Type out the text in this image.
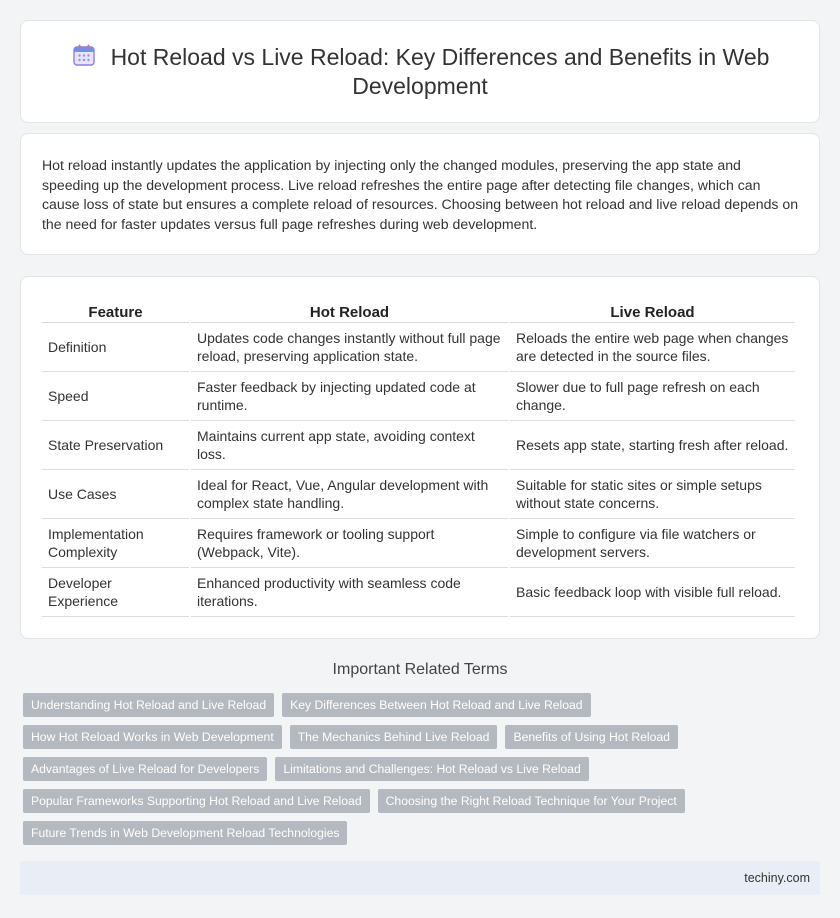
Hot Reload vs Live Reload: Key Differences and Benefits in Web Development

Hot reload instantly updates the application by injecting only the changed modules, preserving the app state and speeding up the development process. Live reload refreshes the entire page after detecting file changes, which can cause loss of state but ensures a complete reload of resources. Choosing between hot reload and live reload depends on the need for faster updates versus full page refreshes during web development.

Feature	Hot Reload	Live Reload
Definition	Updates code changes instantly without full page reload, preserving application state.	Reloads the entire web page when changes are detected in the source files.
Speed	Faster feedback by injecting updated code at runtime.	Slower due to full page refresh on each change.
State Preservation	Maintains current app state, avoiding context loss.	Resets app state, starting fresh after reload.
Use Cases	Ideal for React, Vue, Angular development with complex state handling.	Suitable for static sites or simple setups without state concerns.
Implementation Complexity	Requires framework or tooling support (Webpack, Vite).	Simple to configure via file watchers or development servers.
Developer Experience	Enhanced productivity with seamless code iterations.	Basic feedback loop with visible full reload.
Important Related Terms
Understanding Hot Reload and Live Reload	Key Differences Between Hot Reload and Live Reload
How Hot Reload Works in Web Development	The Mechanics Behind Live Reload	Benefits of Using Hot Reload
Advantages of Live Reload for Developers	Limitations and Challenges: Hot Reload vs Live Reload
Popular Frameworks Supporting Hot Reload and Live Reload	Choosing the Right Reload Technique for Your Project
Future Trends in Web Development Reload Technologies
techiny.com
